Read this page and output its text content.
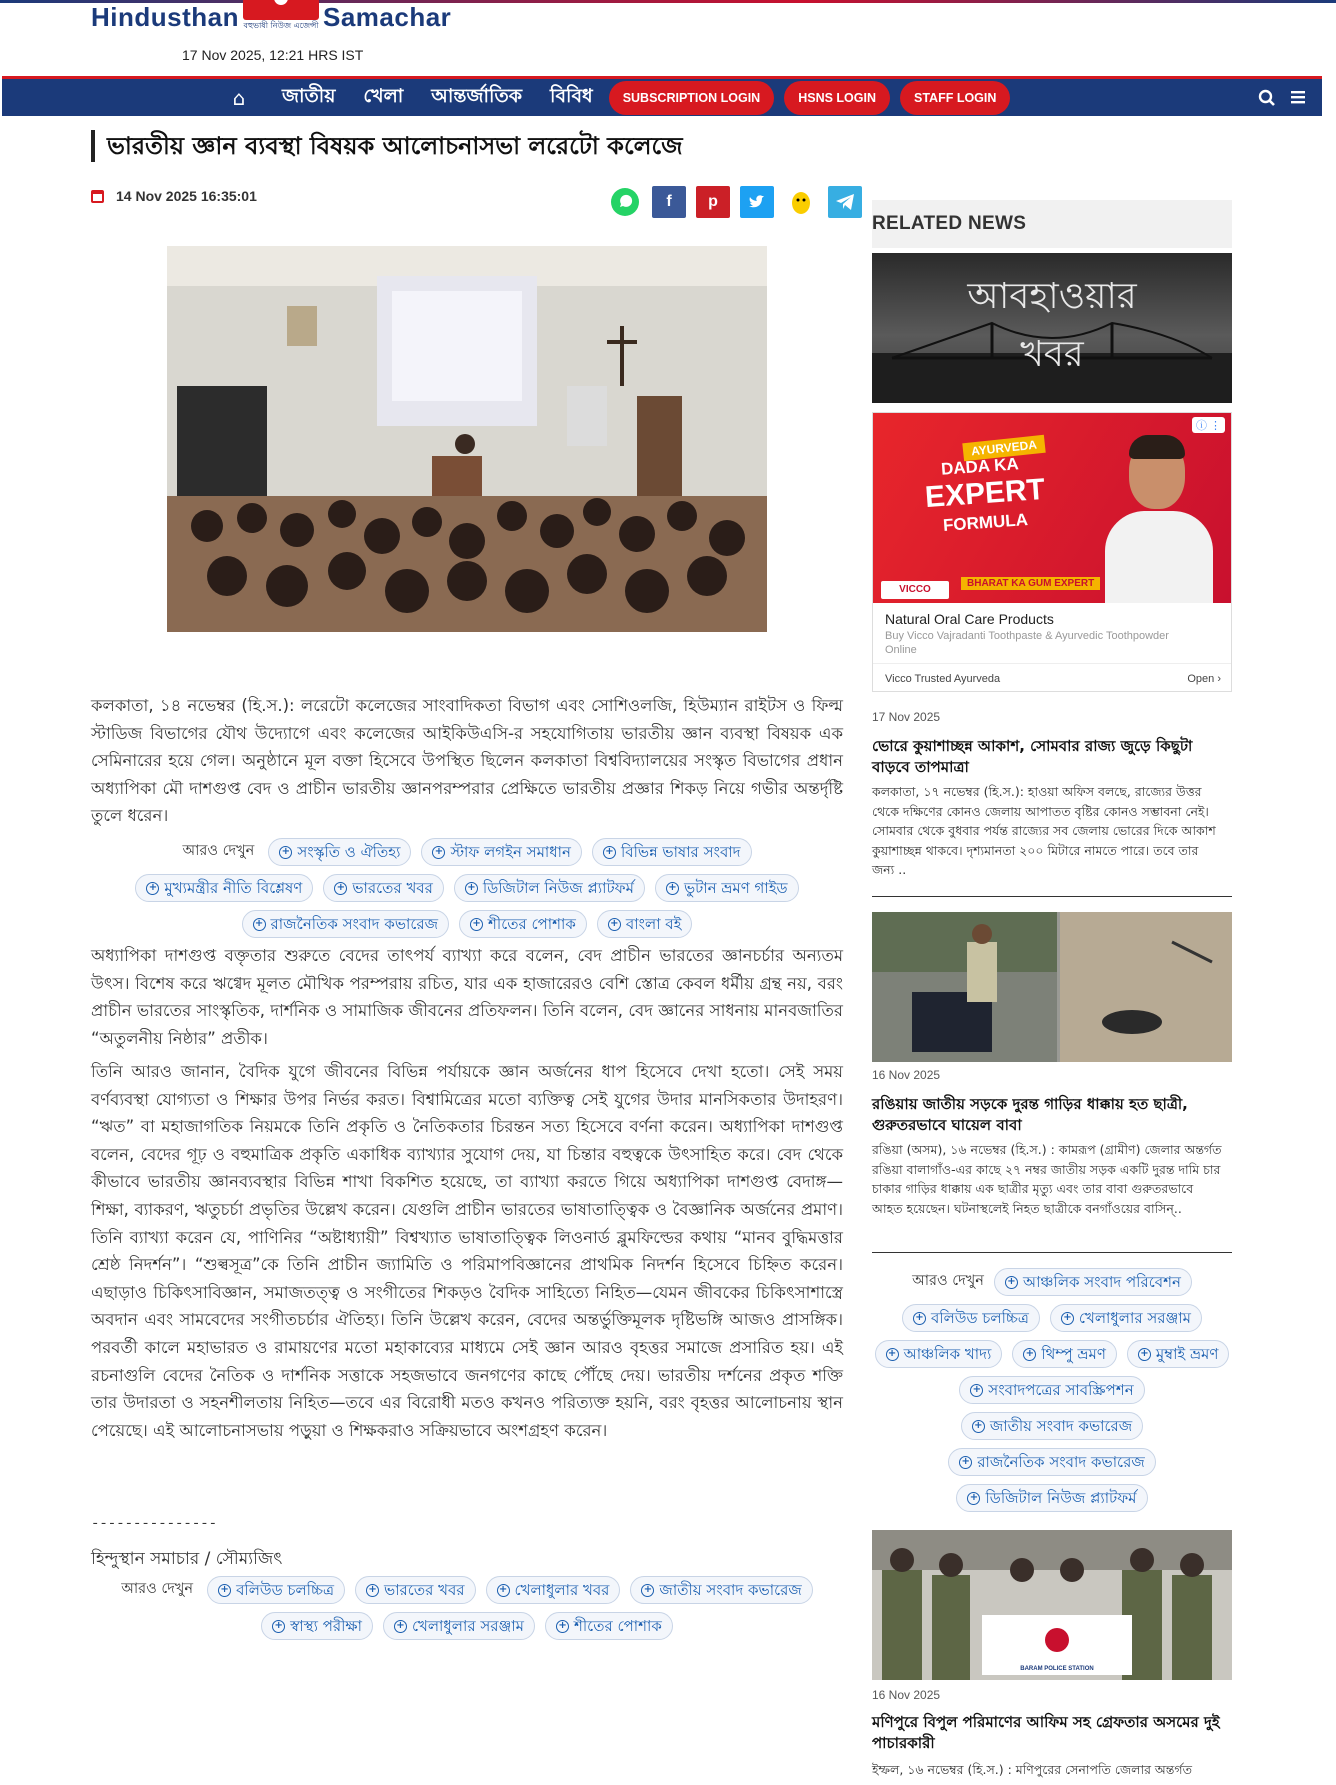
Hindusthan বহুভাষী নিউজ এজেন্সী Samachar
17 Nov 2025, 12:21 HRS IST
⌂	জাতীয় খেলা আন্তর্জাতিক বিবিধ	SUBSCRIPTION LOGIN	HSNS LOGIN	STAFF LOGIN
ভারতীয় জ্ঞান ব্যবস্থা বিষয়ক আলোচনাসভা লরেটো কলেজে
14 Nov 2025 16:35:01	f	p

কলকাতা, ১৪ নভেম্বর (হি.স.): লরেটো কলেজের সাংবাদিকতা বিভাগ এবং সোশিওলজি, হিউম্যান রাইটস ও ফিল্ম স্টাডিজ বিভাগের যৌথ উদ্যোগে এবং কলেজের আইকিউএসি-র সহযোগিতায় ভারতীয় জ্ঞান ব্যবস্থা বিষয়ক এক সেমিনারের হয়ে গেল। অনুষ্ঠানে মূল বক্তা হিসেবে উপস্থিত ছিলেন কলকাতা বিশ্ববিদ্যালয়ের সংস্কৃত বিভাগের প্রধান অধ্যাপিকা মৌ দাশগুপ্ত বেদ ও প্রাচীন ভারতীয় জ্ঞানপরম্পরার প্রেক্ষিতে ভারতীয় প্রজ্ঞার শিকড় নিয়ে গভীর অন্তর্দৃষ্টি তুলে ধরেন।

আরও দেখুন	+ সংস্কৃতি ও ঐতিহ্য	+ স্টাফ লগইন সমাধান	+ বিভিন্ন ভাষার সংবাদ
+ মুখ্যমন্ত্রীর নীতি বিশ্লেষণ	+ ভারতের খবর	+ ডিজিটাল নিউজ প্ল্যাটফর্ম	+ ভুটান ভ্রমণ গাইড
+ রাজনৈতিক সংবাদ কভারেজ	+ শীতের পোশাক	+ বাংলা বই

অধ্যাপিকা দাশগুপ্ত বক্তৃতার শুরুতে বেদের তাৎপর্য ব্যাখ্যা করে বলেন, বেদ প্রাচীন ভারতের জ্ঞানচর্চার অন্যতম উৎস। বিশেষ করে ঋগ্বেদ মূলত মৌখিক পরম্পরায় রচিত, যার এক হাজারেরও বেশি স্তোত্র কেবল ধর্মীয় গ্রন্থ নয়, বরং প্রাচীন ভারতের সাংস্কৃতিক, দার্শনিক ও সামাজিক জীবনের প্রতিফলন। তিনি বলেন, বেদ জ্ঞানের সাধনায় মানবজাতির “অতুলনীয় নিষ্ঠার” প্রতীক।

তিনি আরও জানান, বৈদিক যুগে জীবনের বিভিন্ন পর্যায়কে জ্ঞান অর্জনের ধাপ হিসেবে দেখা হতো। সেই সময় বর্ণব্যবস্থা যোগ্যতা ও শিক্ষার উপর নির্ভর করত। বিশ্বামিত্রের মতো ব্যক্তিত্ব সেই যুগের উদার মানসিকতার উদাহরণ। “ঋত” বা মহাজাগতিক নিয়মকে তিনি প্রকৃতি ও নৈতিকতার চিরন্তন সত্য হিসেবে বর্ণনা করেন। অধ্যাপিকা দাশগুপ্ত বলেন, বেদের গূঢ় ও বহুমাত্রিক প্রকৃতি একাধিক ব্যাখ্যার সুযোগ দেয়, যা চিন্তার বহুত্বকে উৎসাহিত করে। বেদ থেকে কীভাবে ভারতীয় জ্ঞানব্যবস্থার বিভিন্ন শাখা বিকশিত হয়েছে, তা ব্যাখ্যা করতে গিয়ে অধ্যাপিকা দাশগুপ্ত বেদাঙ্গ—শিক্ষা, ব্যাকরণ, ঋতুচর্চা প্রভৃতির উল্লেখ করেন। যেগুলি প্রাচীন ভারতের ভাষাতাত্ত্বিক ও বৈজ্ঞানিক অর্জনের প্রমাণ। তিনি ব্যাখ্যা করেন যে, পাণিনির “অষ্টাধ্যায়ী” বিশ্বখ্যাত ভাষাতাত্ত্বিক লিওনার্ড ব্লুমফিল্ডের কথায় “মানব বুদ্ধিমত্তার শ্রেষ্ঠ নিদর্শন”। “শুল্বসূত্র”কে তিনি প্রাচীন জ্যামিতি ও পরিমাপবিজ্ঞানের প্রাথমিক নিদর্শন হিসেবে চিহ্নিত করেন। এছাড়াও চিকিৎসাবিজ্ঞান, সমাজতত্ত্ব ও সংগীতের শিকড়ও বৈদিক সাহিত্যে নিহিত—যেমন জীবকের চিকিৎসাশাস্ত্রে অবদান এবং সামবেদের সংগীতচর্চার ঐতিহ্য। তিনি উল্লেখ করেন, বেদের অন্তর্ভুক্তিমূলক দৃষ্টিভঙ্গি আজও প্রাসঙ্গিক। পরবর্তী কালে মহাভারত ও রামায়ণের মতো মহাকাব্যের মাধ্যমে সেই জ্ঞান আরও বৃহত্তর সমাজে প্রসারিত হয়। এই রচনাগুলি বেদের নৈতিক ও দার্শনিক সত্তাকে সহজভাবে জনগণের কাছে পৌঁছে দেয়। ভারতীয় দর্শনের প্রকৃত শক্তি তার উদারতা ও সহনশীলতায় নিহিত—তবে এর বিরোধী মতও কখনও পরিত্যক্ত হয়নি, বরং বৃহত্তর আলোচনায় স্থান পেয়েছে। এই আলোচনাসভায় পড়ুয়া ও শিক্ষকরাও সক্রিয়ভাবে অংশগ্রহণ করেন।

---------------
হিন্দুস্থান সমাচার / সৌম্যজিৎ
আরও দেখুন	+ বলিউড চলচ্চিত্র	+ ভারতের খবর	+ খেলাধুলার খবর	+ জাতীয় সংবাদ কভারেজ
+ স্বাস্থ্য পরীক্ষা	+ খেলাধুলার সরঞ্জাম	+ শীতের পোশাক
RELATED NEWS
আবহাওয়ার
খবর
AYURVEDA
DADA KA
EXPERT
FORMULA
VICCO
BHARAT KA GUM EXPERT
ⓘ ⋮
Natural Oral Care Products
Buy Vicco Vajradanti Toothpaste & Ayurvedic Toothpowder Online
Vicco Trusted Ayurveda	Open ›
17 Nov 2025
ভোরে কুয়াশাচ্ছন্ন আকাশ, সোমবার রাজ্য জুড়ে কিছুটা বাড়বে তাপমাত্রা
কলকাতা, ১৭ নভেম্বর (হি.স.): হাওয়া অফিস বলছে, রাজ্যের উত্তর থেকে দক্ষিণের কোনও জেলায় আপাতত বৃষ্টির কোনও সম্ভাবনা নেই। সোমবার থেকে বুধবার পর্যন্ত রাজ্যের সব জেলায় ভোরের দিকে আকাশ কুয়াশাচ্ছন্ন থাকবে। দৃশ্যমানতা ২০০ মিটারে নামতে পারে। তবে তার জন্য ..
16 Nov 2025
রঙিয়ায় জাতীয় সড়কে দুরন্ত গাড়ির ধাক্কায় হত ছাত্রী, গুরুতরভাবে ঘায়েল বাবা
রঙিয়া (অসম), ১৬ নভেম্বর (হি.স.) : কামরূপ (গ্রামীণ) জেলার অন্তর্গত রঙিয়া বালাগাঁও-এর কাছে ২৭ নম্বর জাতীয় সড়ক একটি দুরন্ত দামি চার চাকার গাড়ির ধাক্কায় এক ছাত্রীর মৃত্যু এবং তার বাবা গুরুতরভাবে আহত হয়েছেন। ঘটনাস্থলেই নিহত ছাত্রীকে বনগাঁওয়ের বাসিন্..
আরও দেখুন + আঞ্চলিক সংবাদ পরিবেশন
+ বলিউড চলচ্চিত্র	+ খেলাধুলার সরঞ্জাম
+ আঞ্চলিক খাদ্য	+ থিম্পু ভ্রমণ	+ মুম্বাই ভ্রমণ
+ সংবাদপত্রের সাবস্ক্রিপশন
+ জাতীয় সংবাদ কভারেজ
+ রাজনৈতিক সংবাদ কভারেজ
+ ডিজিটাল নিউজ প্ল্যাটফর্ম
BARAM POLICE STATION
16 Nov 2025
মণিপুরে বিপুল পরিমাণের আফিম সহ গ্রেফতার অসমের দুই পাচারকারী
ইম্ফল, ১৬ নভেম্বর (হি.স.) : মণিপুরের সেনাপতি জেলার অন্তর্গত
